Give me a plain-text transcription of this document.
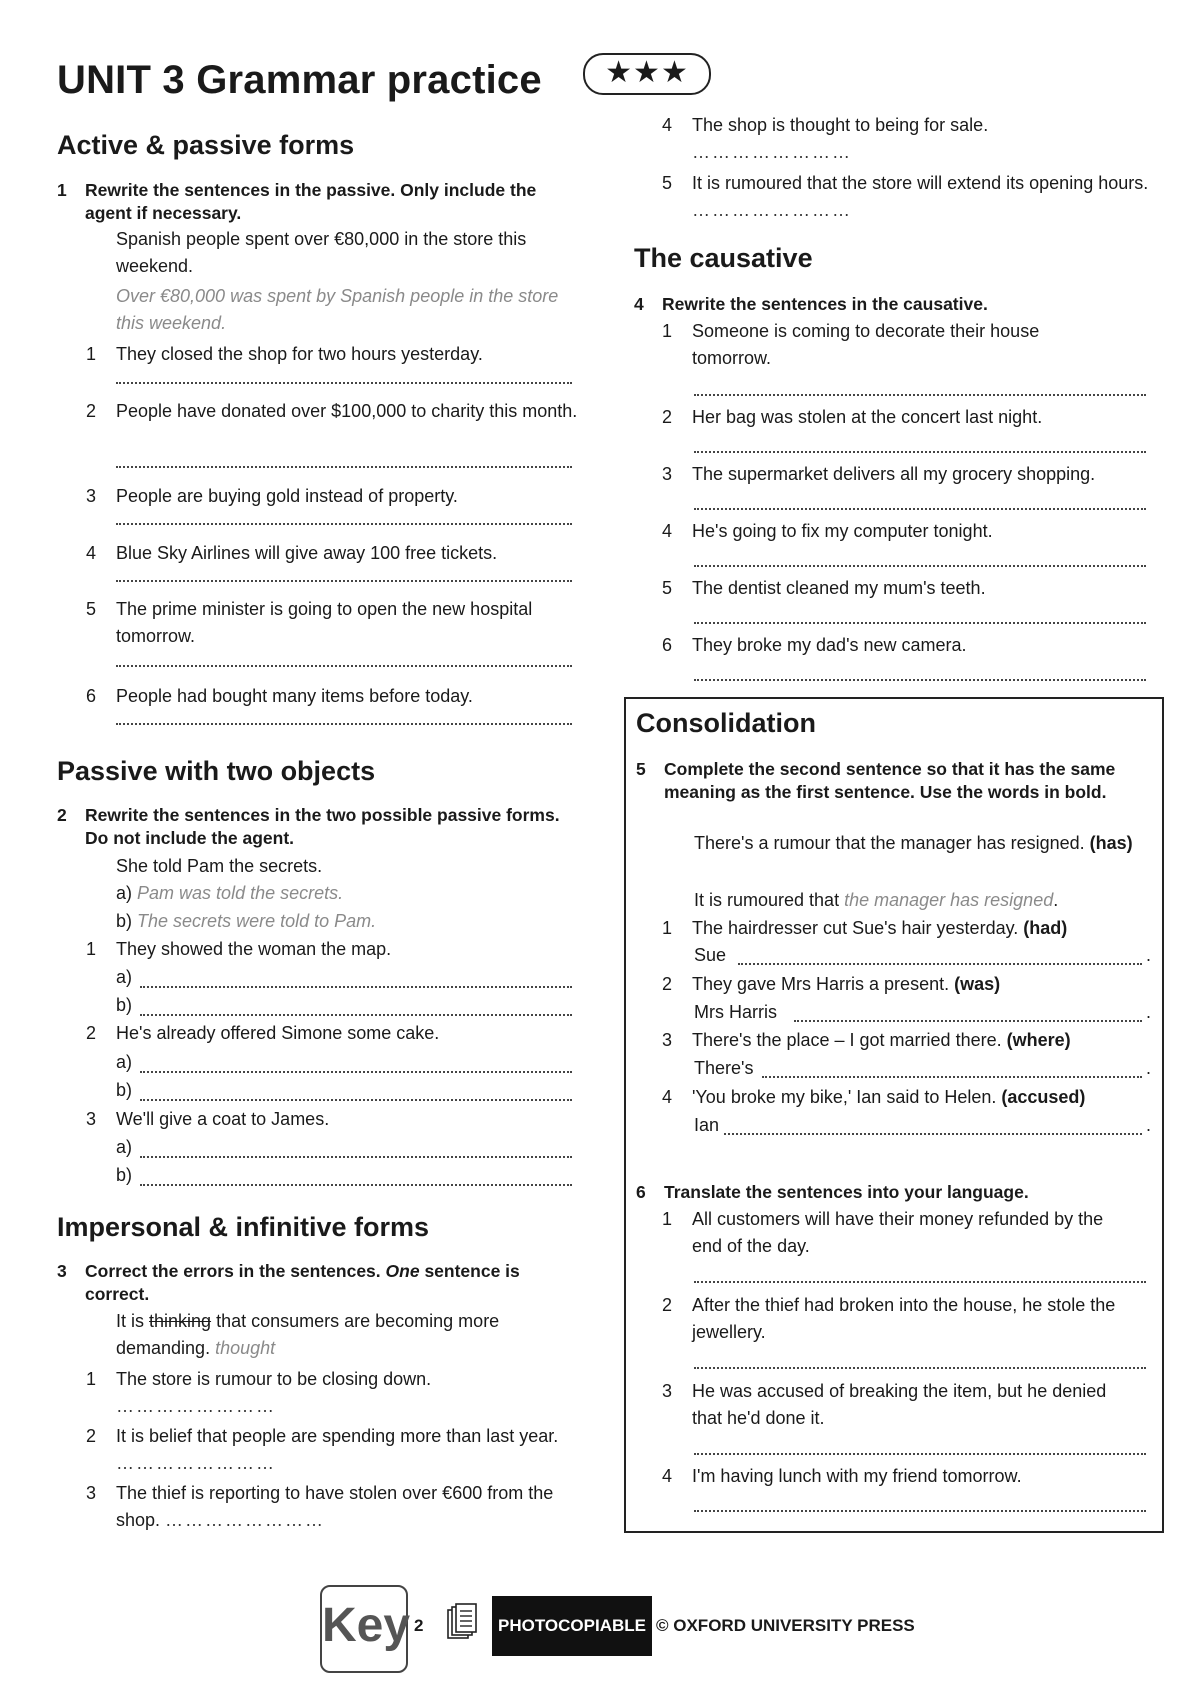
UNIT 3 Grammar practice	★★★
Active & passive forms
1 Rewrite the sentences in the passive. Only include the agent if necessary.
Spanish people spent over €80,000 in the store this weekend.
Over €80,000 was spent by Spanish people in the store this weekend.
1	They closed the shop for two hours yesterday.
2	People have donated over $100,000 to charity this month.
3	People are buying gold instead of property.
4	Blue Sky Airlines will give away 100 free tickets.
5	The prime minister is going to open the new hospital tomorrow.
6	People had bought many items before today.
Passive with two objects
2 Rewrite the sentences in the two possible passive forms. Do not include the agent.
She told Pam the secrets.
a) Pam was told the secrets.
b) The secrets were told to Pam.
1	They showed the woman the map.
a)
b)
2	He's already offered Simone some cake.
a)
b)
3	We'll give a coat to James.
a)
b)
Impersonal & infinitive forms
3 Correct the errors in the sentences. One sentence is correct.
It is thinking that consumers are becoming more demanding. thought
1	The store is rumour to be closing down.
……………………
2	It is belief that people are spending more than last year. ……………………
3	The thief is reporting to have stolen over €600 from the shop. ……………………
4	The shop is thought to being for sale.
……………………
5	It is rumoured that the store will extend its opening hours. ……………………
The causative
4 Rewrite the sentences in the causative.
1	Someone is coming to decorate their house tomorrow.
2	Her bag was stolen at the concert last night.
3	The supermarket delivers all my grocery shopping.
4	He's going to fix my computer tonight.
5	The dentist cleaned my mum's teeth.
6	They broke my dad's new camera.
Consolidation
5 Complete the second sentence so that it has the same meaning as the first sentence. Use the words in bold.
There's a rumour that the manager has resigned. (has)
It is rumoured that the manager has resigned.
1	The hairdresser cut Sue's hair yesterday. (had)
Sue	.
2	They gave Mrs Harris a present. (was)
Mrs Harris	.
3	There's the place – I got married there. (where)
There's	.
4	'You broke my bike,' Ian said to Helen. (accused)
Ian	.
6 Translate the sentences into your language.
1	All customers will have their money refunded by the end of the day.
2	After the thief had broken into the house, he stole the jewellery.
3	He was accused of breaking the item, but he denied that he'd done it.
4	I'm having lunch with my friend tomorrow.
Key 2	PHOTOCOPIABLE © OXFORD UNIVERSITY PRESS
